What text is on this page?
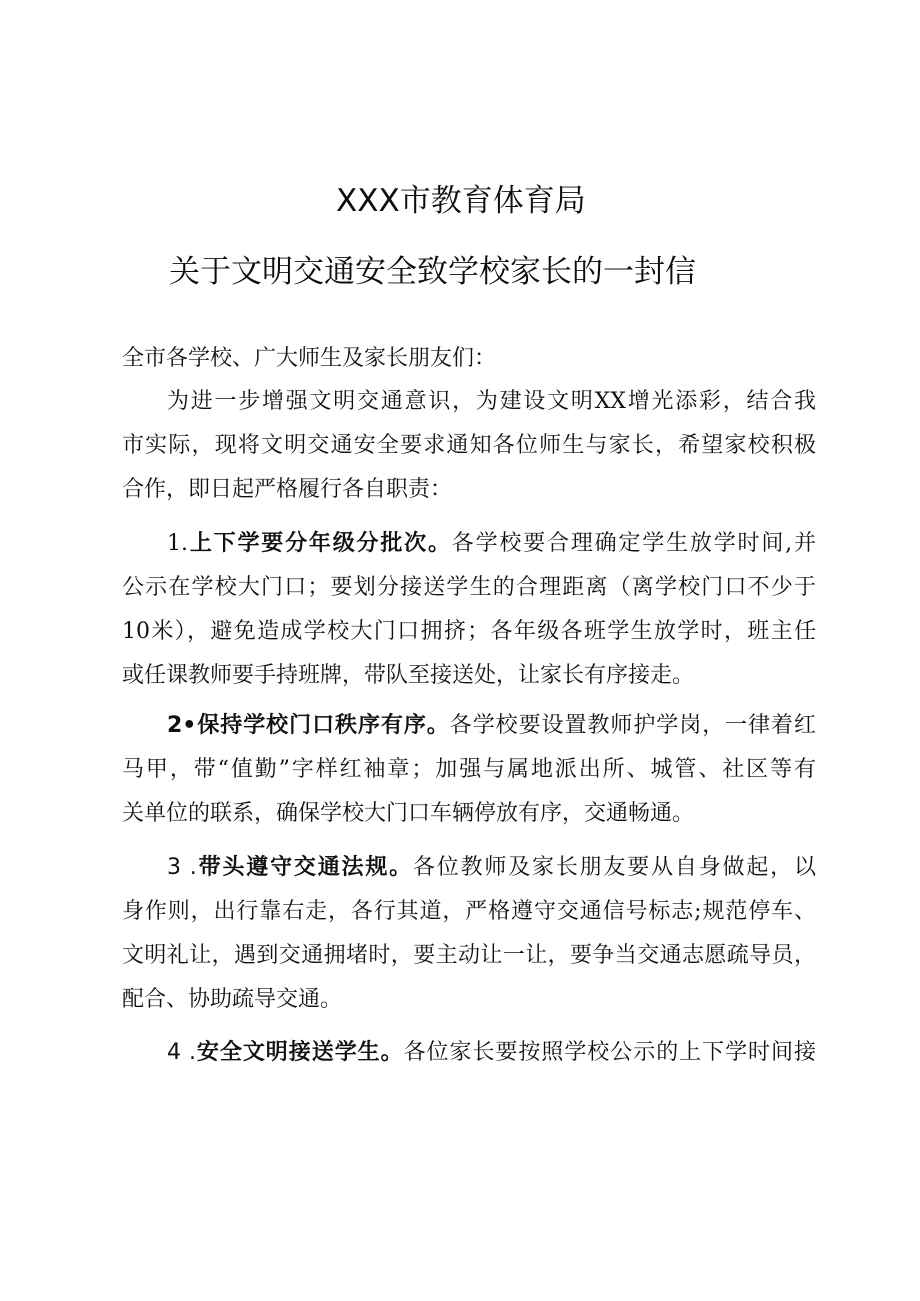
XXX市教育体育局
关于文明交通安全致学校家长的一封信
全市各学校、广大师生及家长朋友们：
为进一步增强文明交通意识，为建设文明XX增光添彩，结合我
市实际，现将文明交通安全要求通知各位师生与家长，希望家校积极
合作，即日起严格履行各自职责：
1.上下学要分年级分批次。各学校要合理确定学生放学时间,并
公示在学校大门口；要划分接送学生的合理距离（离学校门口不少于
10米），避免造成学校大门口拥挤；各年级各班学生放学时，班主任
或任课教师要手持班牌，带队至接送处，让家长有序接走。
2•保持学校门口秩序有序。各学校要设置教师护学岗，一律着红
马甲，带“值勤”字样红袖章；加强与属地派出所、城管、社区等有
关单位的联系，确保学校大门口车辆停放有序，交通畅通。
3 .带头遵守交通法规。各位教师及家长朋友要从自身做起，以
身作则，出行靠右走，各行其道，严格遵守交通信号标志;规范停车、
文明礼让，遇到交通拥堵时，要主动让一让，要争当交通志愿疏导员，
配合、协助疏导交通。
4 .安全文明接送学生。各位家长要按照学校公示的上下学时间接
